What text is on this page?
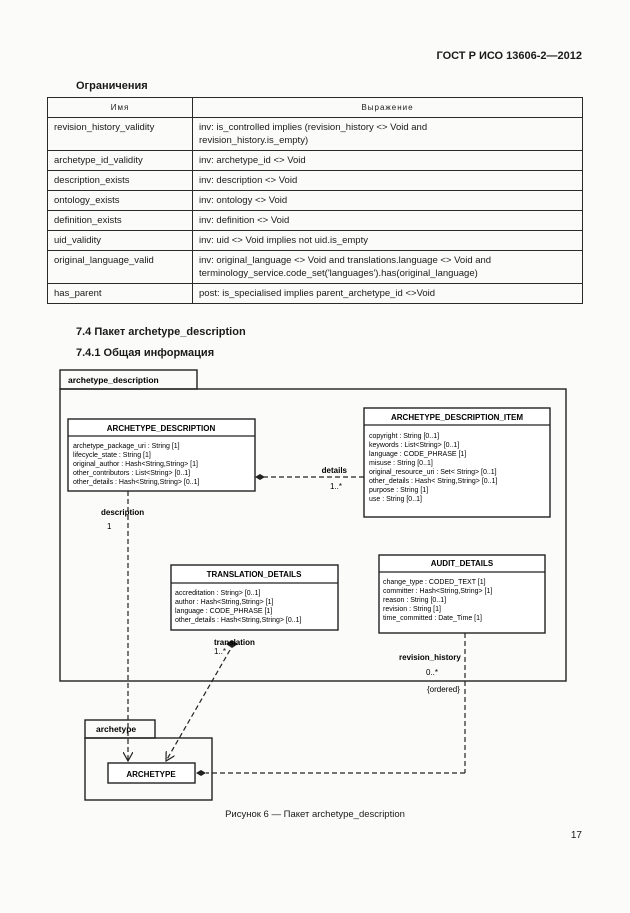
ГОСТ Р ИСО 13606-2—2012
Ограничения
Имя	Выражение
revision_history_validity	inv: is_controlled implies (revision_history <> Void and
revision_history.is_empty)

archetype_id_validity	inv: archetype_id <> Void

description_exists	inv: description <> Void

ontology_exists	inv: ontology <> Void

definition_exists	inv: definition <> Void

uid_validity	inv: uid <> Void implies not uid.is_empty

original_language_valid	inv: original_language <> Void and translations.language <> Void and
terminology_service.code_set('languages').has(original_language)

has_parent	post: is_specialised implies parent_archetype_id <>Void
7.4 Пакет archetype_description
7.4.1 Общая информация
archetype_description
ARCHETYPE_DESCRIPTION
archetype_package_uri : String [1]
lifecycle_state : String [1]
original_author : Hash<String,String> [1]
other_contributors : List<String> [0..1]
other_details : Hash<String,String> [0..1]
ARCHETYPE_DESCRIPTION_ITEM
copyright : String [0..1]
keywords : List<String> [0..1]
language : CODE_PHRASE [1]
misuse : String [0..1]
original_resource_uri : Set< String> [0..1]
other_details : Hash< String,String> [0..1]
purpose : String [1]
use : String [0..1]
TRANSLATION_DETAILS
accreditation : String> [0..1]
author : Hash<String,String> [1]
language : CODE_PHRASE [1]
other_details : Hash<String,String> [0..1]
AUDIT_DETAILS
change_type : CODED_TEXT [1]
committer : Hash<String,String> [1]
reason : String [0..1]
revision : String [1]
time_committed : Date_Time [1]
archetype
ARCHETYPE
details
1..*
description
1
translation
1..*
revision_history
0..*
{ordered}
Рисунок 6 — Пакет archetype_description
17
